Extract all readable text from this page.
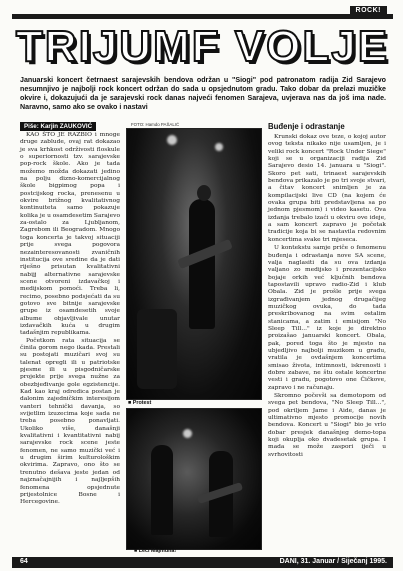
ROCK!
TRIJUMF VOLJE
Januarski koncert četrnaest sarajevskih bendova održan u "Siogi" pod patronatom radija Zid Sarajevo nesumnjivo je najbolji rock koncert održan do sada u opsjednutom gradu. Tako dobar da prelazi muzičke okvire i, dokazujući da je sarajevski rock danas najveći fenomen Sarajeva, uvjerava nas da još ima nade. Naravno, samo ako se ovako i nastavi
Piše: Karjin ZAUKOVIĆ

KAO ŠTO JE RAZBIO i mnoge druge zablude, ovaj rat dokazao je sva krhkost održivosti floskule o superiornosti tzv. sarajevske pop-rock škole. Ako je tada možemo možda dokazati jedino na polju dizno-komercijalnog škole bigpimog popa i postcijskog rocka, prenesenu u okvire brižnog kvalitativnog kontinuiteta samo pokazuje kolika je u osamdesetim Sarajevo za-ostalo za Ljubljanom, Zagrebom ili Beogradom. Mnogo toga koncerta je takvoj situaciji prije svega pogovora nezainteresovanosti zvaničnih institucija ove sredine da je dati riješno prisutan kvalitativni nabijj alternativne sarajevske scene otvoreni izdavačkoj i medijskom pomoći. Treba li, recimo, posebno podsjećati da su gotovo sve bitnije sarajevske grupe iz osamdesetih svoje albume objavljivale unutar izdavačkih kuća u drugim tadašnjim republikama.

Početkom rata situacija se činila gorom nego ikada. Prestali su postojati muzičari svoj su talenat opregli ili u patriotske pjesme ili u pisgodničarske projekte prije svega nužne za obezbjeđivanje gole egzistencije. Kad kao kraj odredica postan je dalonim zajedničkim interesijom vanteri tehnički davanja, so svijetlim izuzecima koje sada ne treba posebno ponavljati. Ukoliko više, današnji kvalitativni i kvantitativni nabij sarajevske rock scene jeste fenomen, ne samo muzički već i u drugim širim kulturološkim okvirima. Zapravo, ono što se trenutno dešava jeste jedan od najznačajnijih i najljepših fenomena opsjednute prijestolnice Bosne i Hercegovine.

FOTO: Hamdo PAŠALIĆ
■ Protest
■ Leci Majmuna!
Buđenje i odrastanje

Krunski dokaz ove teze, o kojoj autor ovog teksta nikako nije usamljen, je i veliki rock koncert "Rock Under Siege" koji se u organizaciji radija Zid Sarajevo desio 14. januara u "Siogi". Skoro pet sati, trinaest sarajevskih bendova prikazalo je po tri svoje stvari, a čitav koncert snimljen je za kompilacijski live CD (na kojem će ovaka grupa biti predstavljena sa po jednom pjesmom) i video kasetu. Ova izdanja trebalo izaći u okviru ove ideje, a sam koncert zapravo je početak tradicije koja bi se nastavila redovnim koncertima svake tri mjeseca.

U kontekstu samje priče o fenomenu buđenja i odrastanja nove SA scene, valja naglasiti da su ova izdanja valjano zo medijsko i prezentacijsko bojaje orkih već ključnih bendova tapostavili upravo radio-Zid i klub Obala. Zid je prošle prije svega izgrađivanjem jednog drugačijeg muzičkog ovuka, do tada preskribovanog na svim ostalim stanicama, a zatim i emisijom "No Sleep Till..." iz koje je direktno proizašao januarski koncert. Obala, pak, pored toga što je mjesto na ubjedljivo najbolji muzikom u gradu, vratila je ovdašnjem koncertima smisao života, intimnosti, iskrenosti i dobre zabave, ne štu ostale koncertne vesti i gradu, pogotovo one Čičkove, zapravo i ne računaju.

Skromno počevši sa demotopom od svega pet bendova, "No Sleep Till...", pod okriljem Jame i Aide, danas je ultimativno mjesto promocije novih bendova. Koncert u "Siogi" bio je vrlo dobar presjek današnjeg demo-topa koji okuplja oko dvadesetak grupa. I mada se može zaspori iječi u svrhovitosti

64	DANI, 31. Januar / Siječanj 1995.
